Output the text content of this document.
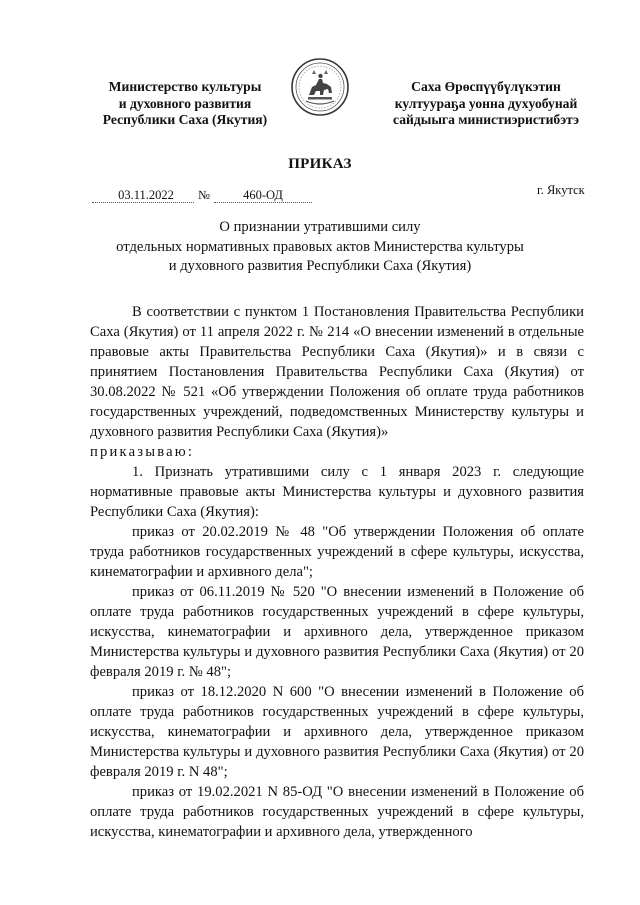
Министерство культуры
и духовного развития
Республики Саха (Якутия)
Саха Өрөспүүбүлүкэтин
култуураҕа уонна дуxуобунай
сайдыыга министиэристибэтэ
ПРИКАЗ
03.11.2022	№	460-ОД	г. Якутск
О признании утратившими силу
отдельных нормативных правовых актов Министерства культуры
и духовного развития Республики Саха (Якутия)

В соответствии с пунктом 1 Постановления Правительства Республики Саха (Якутия) от 11 апреля 2022 г. № 214 «О внесении изменений в отдельные правовые акты Правительства Республики Саха (Якутия)» и в связи с принятием Постановления Правительства Республики Саха (Якутия) от 30.08.2022 № 521 «Об утверждении Положения об оплате труда работников государственных учреждений, подведомственных Министерству культуры и духовного развития Республики Саха (Якутия)»
приказываю:

1. Признать утратившими силу с 1 января 2023 г. следующие нормативные правовые акты Министерства культуры и духовного развития Республики Саха (Якутия):

приказ от 20.02.2019 № 48 "Об утверждении Положения об оплате труда работников государственных учреждений в сфере культуры, искусства, кинематографии и архивного дела";

приказ от 06.11.2019 № 520 "О внесении изменений в Положение об оплате труда работников государственных учреждений в сфере культуры, искусства, кинематографии и архивного дела, утвержденное приказом Министерства культуры и духовного развития Республики Саха (Якутия) от 20 февраля 2019 г. № 48";

приказ от 18.12.2020 N 600 "О внесении изменений в Положение об оплате труда работников государственных учреждений в сфере культуры, искусства, кинематографии и архивного дела, утвержденное приказом Министерства культуры и духовного развития Республики Саха (Якутия) от 20 февраля 2019 г. N 48";

приказ от 19.02.2021 N 85-ОД "О внесении изменений в Положение об оплате труда работников государственных учреждений в сфере культуры, искусства, кинематографии и архивного дела, утвержденного
